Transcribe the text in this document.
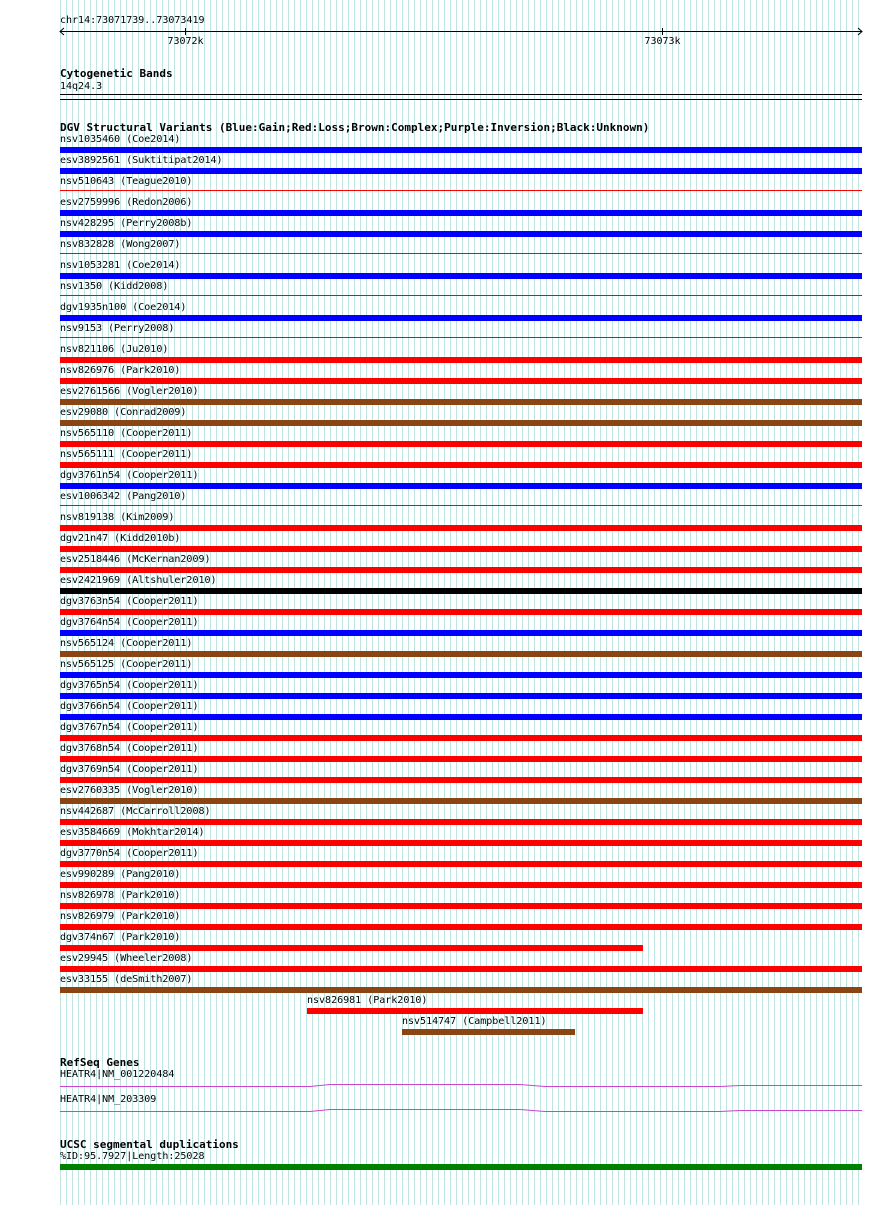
chr14:73071739..73073419
73072k	73073k
Cytogenetic Bands
14q24.3
DGV Structural Variants (Blue:Gain;Red:Loss;Brown:Complex;Purple:Inversion;Black:Unknown)
nsv1035460 (Coe2014)
esv3892561 (Suktitipat2014)
nsv510643 (Teague2010)
esv2759996 (Redon2006)
nsv428295 (Perry2008b)
nsv832828 (Wong2007)
nsv1053281 (Coe2014)
nsv1350 (Kidd2008)
dgv1935n100 (Coe2014)
nsv9153 (Perry2008)
nsv821106 (Ju2010)
nsv826976 (Park2010)
esv2761566 (Vogler2010)
esv29080 (Conrad2009)
nsv565110 (Cooper2011)
nsv565111 (Cooper2011)
dgv3761n54 (Cooper2011)
esv1006342 (Pang2010)
nsv819138 (Kim2009)
dgv21n47 (Kidd2010b)
esv2518446 (McKernan2009)
esv2421969 (Altshuler2010)
dgv3763n54 (Cooper2011)
dgv3764n54 (Cooper2011)
nsv565124 (Cooper2011)
nsv565125 (Cooper2011)
dgv3765n54 (Cooper2011)
dgv3766n54 (Cooper2011)
dgv3767n54 (Cooper2011)
dgv3768n54 (Cooper2011)
dgv3769n54 (Cooper2011)
esv2760335 (Vogler2010)
nsv442687 (McCarroll2008)
esv3584669 (Mokhtar2014)
dgv3770n54 (Cooper2011)
esv990289 (Pang2010)
nsv826978 (Park2010)
nsv826979 (Park2010)
dgv374n67 (Park2010)
esv29945 (Wheeler2008)
esv33155 (deSmith2007)
nsv826981 (Park2010)
nsv514747 (Campbell2011)
RefSeq Genes
HEATR4|NM_001220484
HEATR4|NM_203309
UCSC segmental duplications
%ID:95.7927|Length:25028
